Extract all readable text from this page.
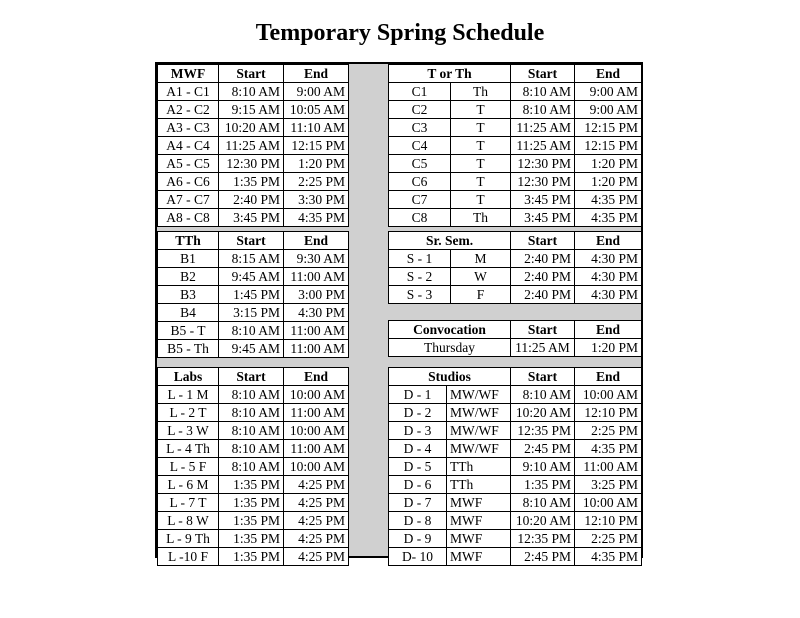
Temporary Spring Schedule
MWF	Start	End
A1 - C1	8:10 AM	9:00 AM
A2 - C2	9:15 AM	10:05 AM
A3 - C3	10:20 AM	11:10 AM
A4 - C4	11:25 AM	12:15 PM
A5 - C5	12:30 PM	1:20 PM
A6 - C6	1:35 PM	2:25 PM
A7 - C7	2:40 PM	3:30 PM
A8 - C8	3:45 PM	4:35 PM
T or Th		Start	End
C1	Th	8:10 AM	9:00 AM
C2	T	8:10 AM	9:00 AM
C3	T	11:25 AM	12:15 PM
C4	T	11:25 AM	12:15 PM
C5	T	12:30 PM	1:20 PM
C6	T	12:30 PM	1:20 PM
C7	T	3:45 PM	4:35 PM
C8	Th	3:45 PM	4:35 PM
TTh	Start	End
B1	8:15 AM	9:30 AM
B2	9:45 AM	11:00 AM
B3	1:45 PM	3:00 PM
B4	3:15 PM	4:30 PM
B5 - T	8:10 AM	11:00 AM
B5 - Th	9:45 AM	11:00 AM
Sr. Sem.		Start	End
S - 1	M	2:40 PM	4:30 PM
S - 2	W	2:40 PM	4:30 PM
S - 3	F	2:40 PM	4:30 PM
Convocation	Start	End
Thursday	11:25 AM	1:20 PM
Labs	Start	End
L - 1 M	8:10 AM	10:00 AM
L - 2 T	8:10 AM	11:00 AM
L - 3 W	8:10 AM	10:00 AM
L - 4 Th	8:10 AM	11:00 AM
L - 5 F	8:10 AM	10:00 AM
L - 6 M	1:35 PM	4:25 PM
L - 7 T	1:35 PM	4:25 PM
L - 8 W	1:35 PM	4:25 PM
L - 9 Th	1:35 PM	4:25 PM
L -10 F	1:35 PM	4:25 PM
Studios		Start	End
D - 1	MW/WF	8:10 AM	10:00 AM
D - 2	MW/WF	10:20 AM	12:10 PM
D - 3	MW/WF	12:35 PM	2:25 PM
D - 4	MW/WF	2:45 PM	4:35 PM
D - 5	TTh	9:10 AM	11:00 AM
D - 6	TTh	1:35 PM	3:25 PM
D - 7	MWF	8:10 AM	10:00 AM
D - 8	MWF	10:20 AM	12:10 PM
D - 9	MWF	12:35 PM	2:25 PM
D- 10	MWF	2:45 PM	4:35 PM
